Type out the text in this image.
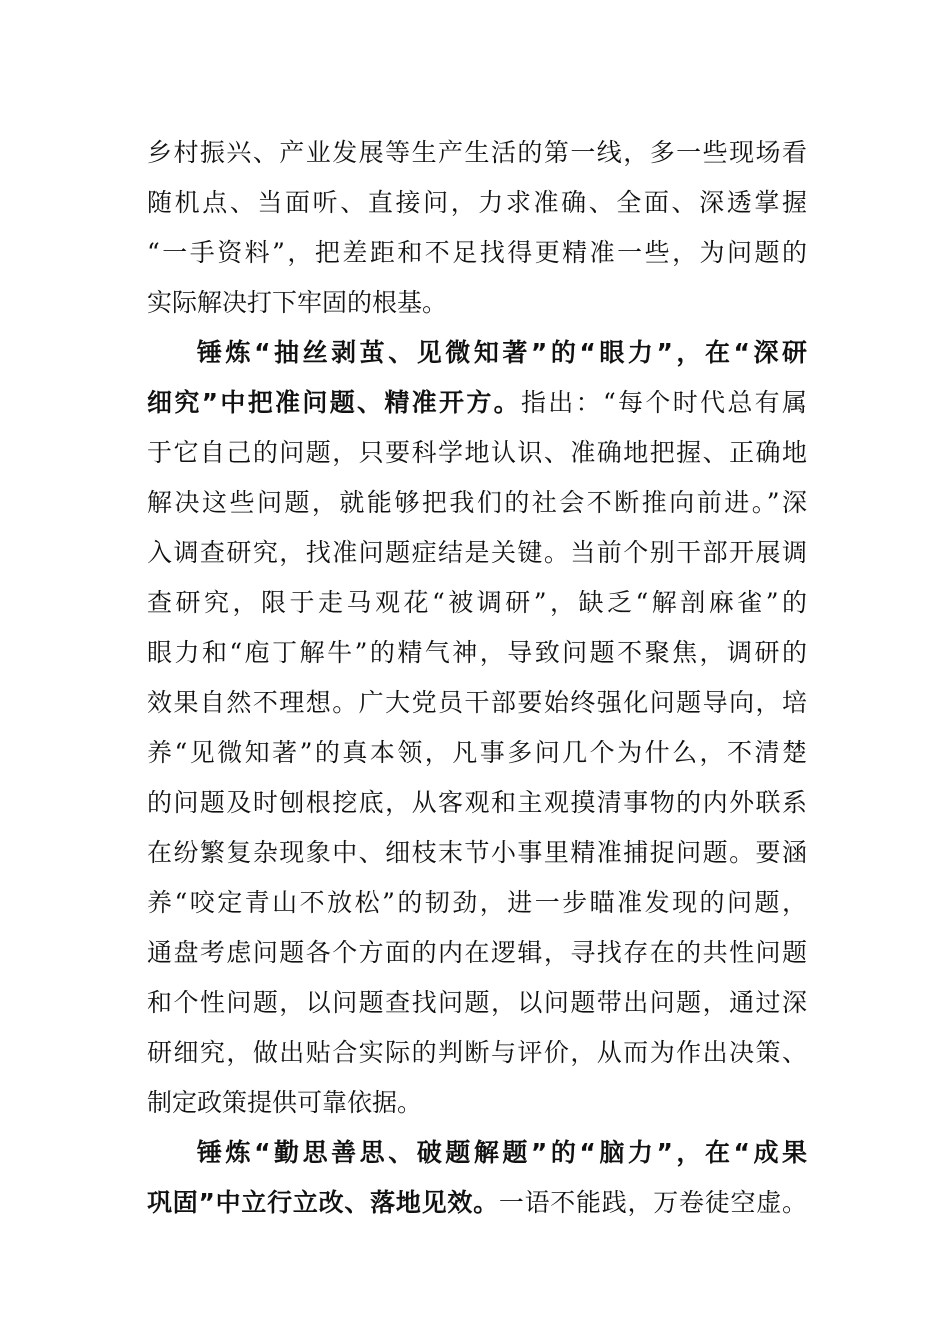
乡村振兴、产业发展等生产生活的第一线，多一些现场看
随机点、当面听、直接问，力求准确、全面、深透掌握
“一手资料”，把差距和不足找得更精准一些，为问题的
实际解决打下牢固的根基。
锤炼“抽丝剥茧、见微知著”的“眼力”，在“深研
细究”中把准问题、精准开方。指出：“每个时代总有属
于它自己的问题，只要科学地认识、准确地把握、正确地
解决这些问题，就能够把我们的社会不断推向前进。”深
入调查研究，找准问题症结是关键。当前个别干部开展调
查研究，限于走马观花“被调研”，缺乏“解剖麻雀”的
眼力和“庖丁解牛”的精气神，导致问题不聚焦，调研的
效果自然不理想。广大党员干部要始终强化问题导向，培
养“见微知著”的真本领，凡事多问几个为什么，不清楚
的问题及时刨根挖底，从客观和主观摸清事物的内外联系
在纷繁复杂现象中、细枝末节小事里精准捕捉问题。要涵
养“咬定青山不放松”的韧劲，进一步瞄准发现的问题，
通盘考虑问题各个方面的内在逻辑，寻找存在的共性问题
和个性问题，以问题查找问题，以问题带出问题，通过深
研细究，做出贴合实际的判断与评价，从而为作出决策、
制定政策提供可靠依据。
锤炼“勤思善思、破题解题”的“脑力”，在“成果
巩固”中立行立改、落地见效。一语不能践，万卷徒空虚。
